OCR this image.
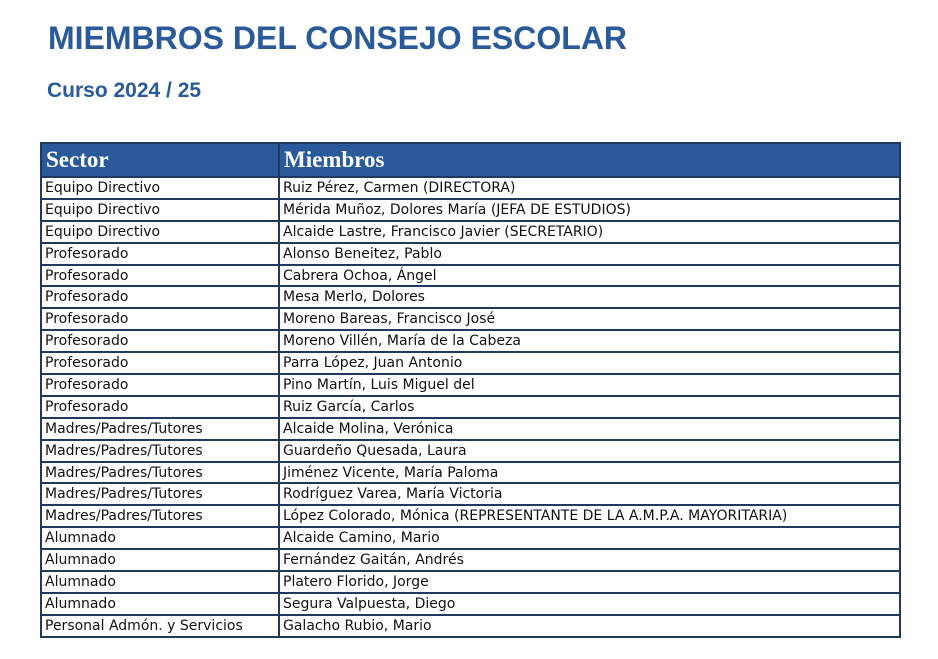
MIEMBROS DEL CONSEJO ESCOLAR
Curso 2024 / 25
Sector	Miembros
Equipo Directivo	Ruiz Pérez, Carmen (DIRECTORA)
Equipo Directivo	Mérida Muñoz, Dolores María (JEFA DE ESTUDIOS)
Equipo Directivo	Alcaide Lastre, Francisco Javier (SECRETARIO)
Profesorado	Alonso Beneitez, Pablo
Profesorado	Cabrera Ochoa, Ángel
Profesorado	Mesa Merlo, Dolores
Profesorado	Moreno Bareas, Francisco José
Profesorado	Moreno Villén, María de la Cabeza
Profesorado	Parra López, Juan Antonio
Profesorado	Pino Martín, Luis Miguel del
Profesorado	Ruiz García, Carlos
Madres/Padres/Tutores	Alcaide Molina, Verónica
Madres/Padres/Tutores	Guardeño Quesada, Laura
Madres/Padres/Tutores	Jiménez Vicente, María Paloma
Madres/Padres/Tutores	Rodríguez Varea, María Victoria
Madres/Padres/Tutores	López Colorado, Mónica (REPRESENTANTE DE LA A.M.P.A. MAYORITARIA)
Alumnado	Alcaide Camino, Mario
Alumnado	Fernández Gaitán, Andrés
Alumnado	Platero Florido, Jorge
Alumnado	Segura Valpuesta, Diego
Personal Admón. y Servicios	Galacho Rubio, Mario
